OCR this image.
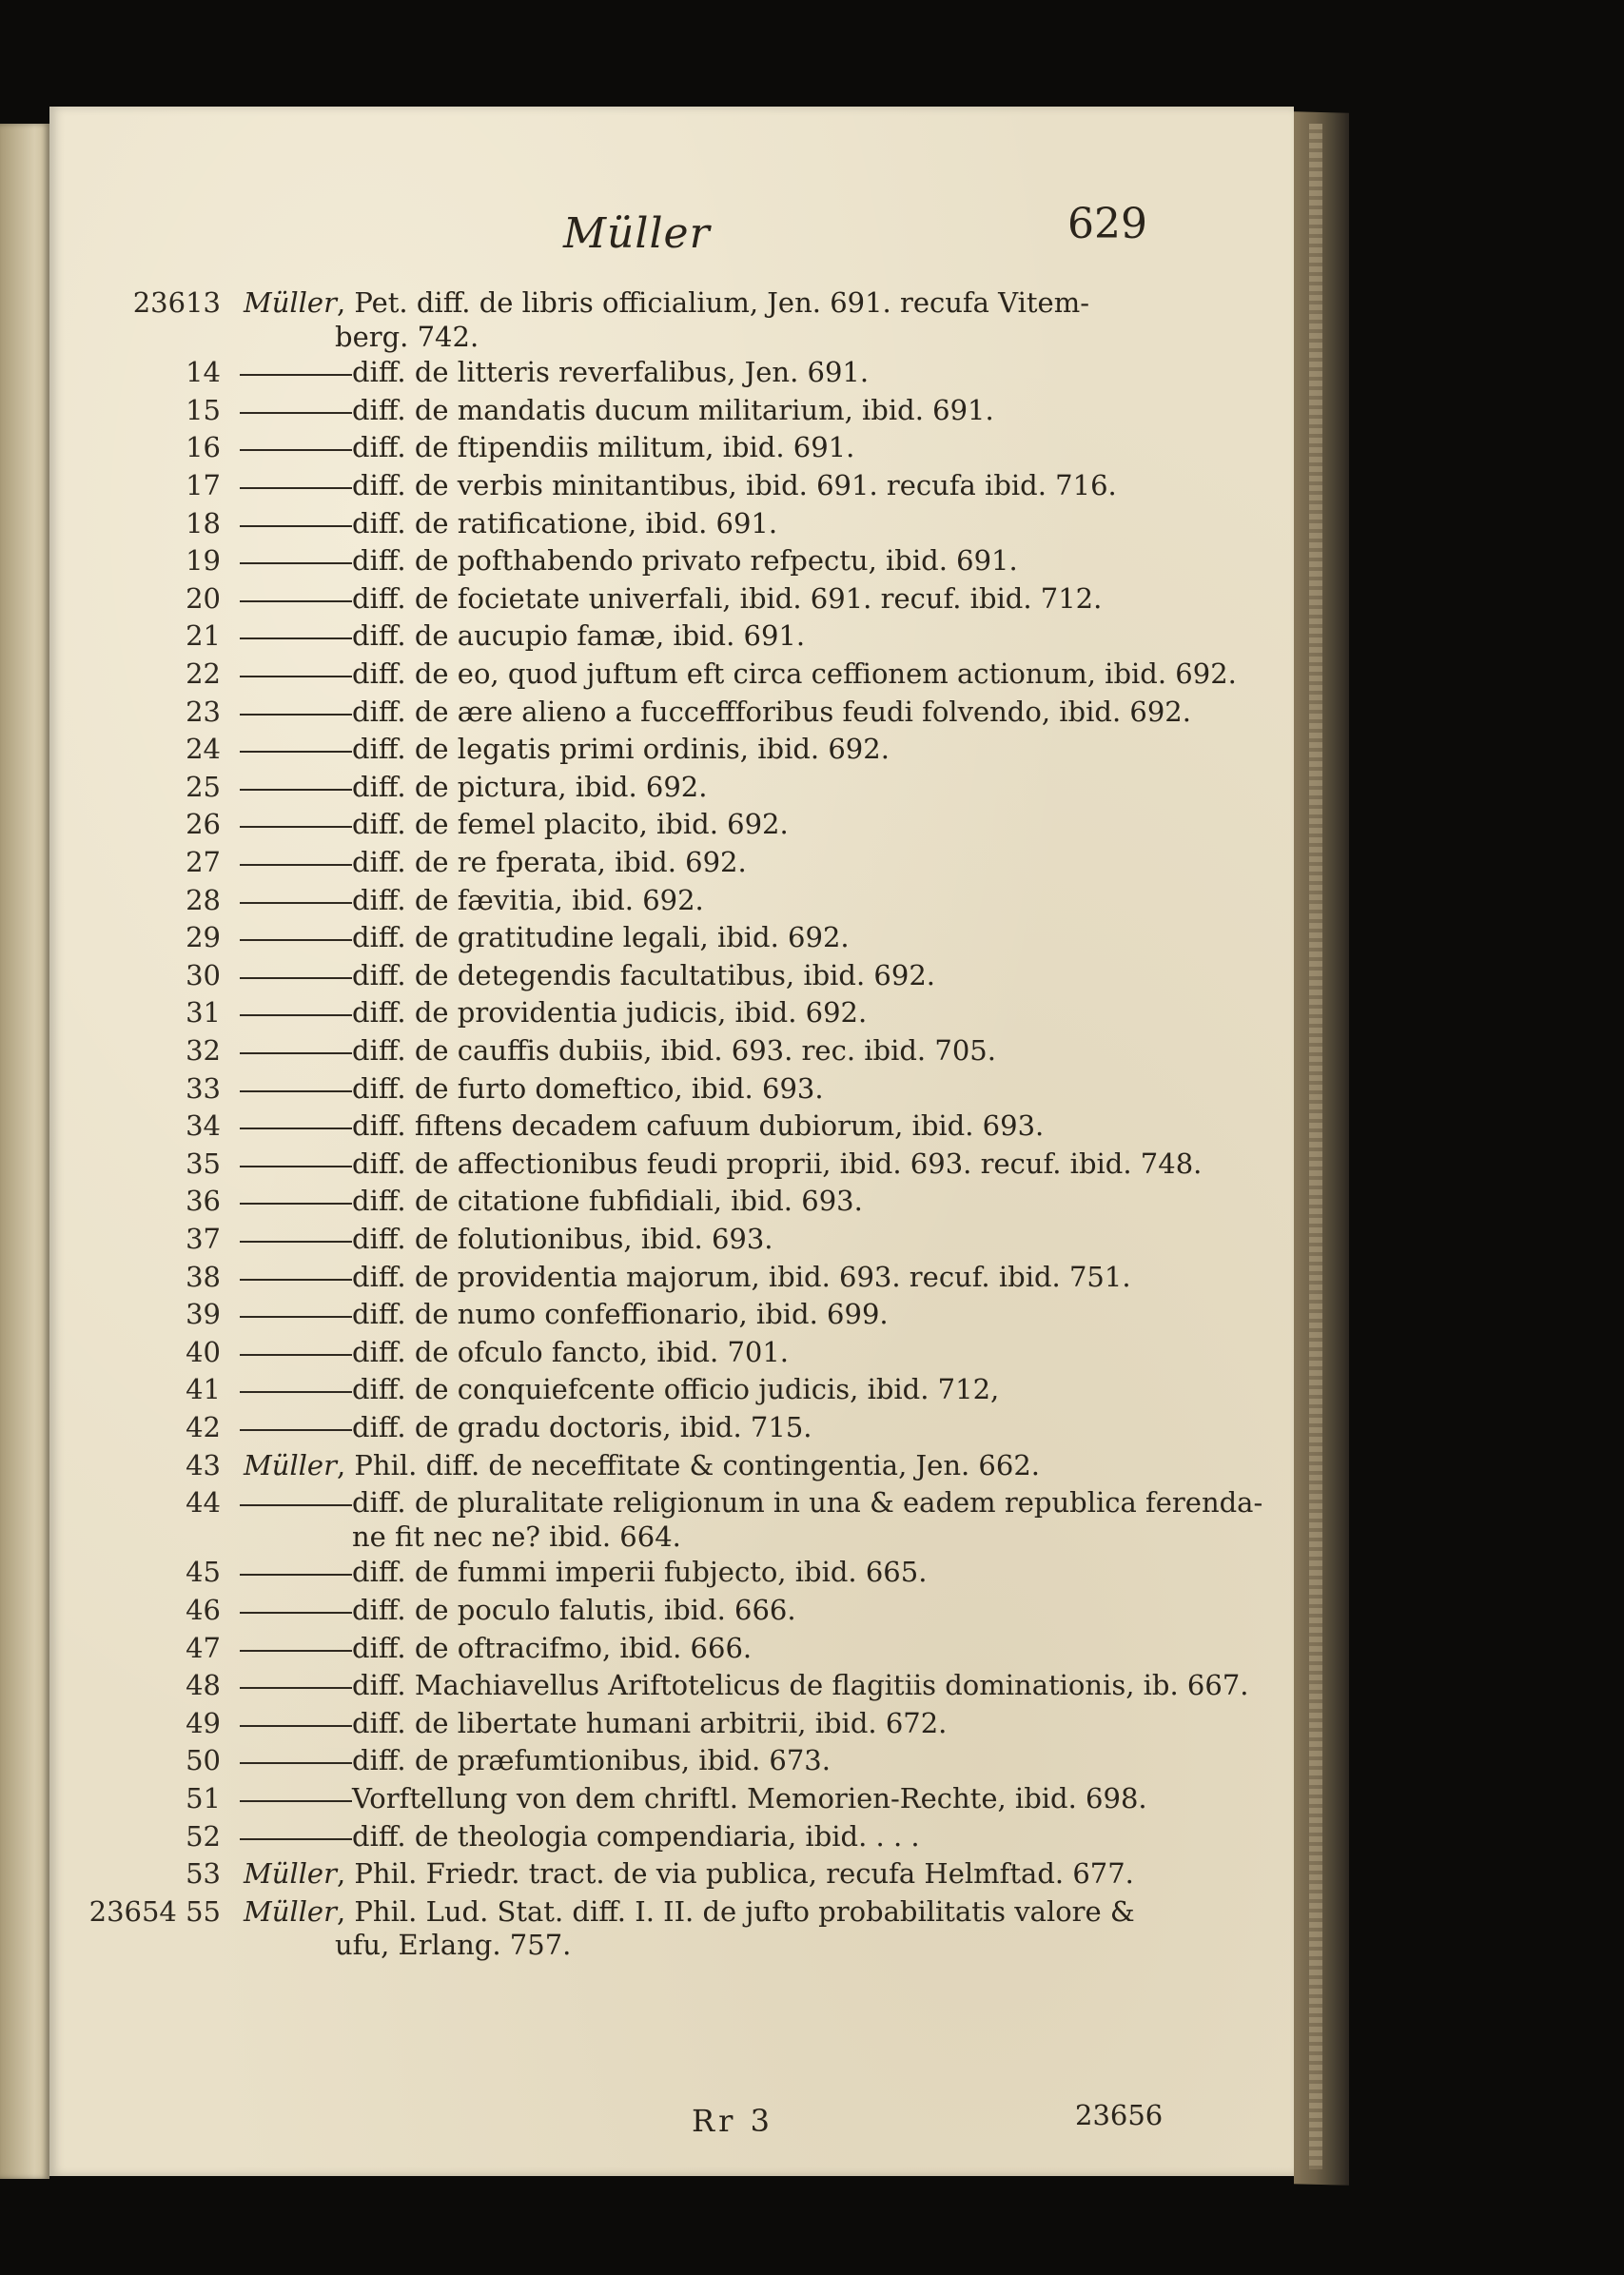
Müller	629
23613 Müller, Pet. diff. de libris officialium, Jen. 691. recufa Vitem-
berg. 742.
14	diff. de litteris reverfalibus, Jen. 691.
15	diff. de mandatis ducum militarium, ibid. 691.
16	diff. de ftipendiis militum, ibid. 691.
17	diff. de verbis minitantibus, ibid. 691. recufa ibid. 716.
18	diff. de ratificatione, ibid. 691.
19	diff. de pofthabendo privato refpectu, ibid. 691.
20	diff. de focietate univerfali, ibid. 691. recuf. ibid. 712.
21	diff. de aucupio famæ, ibid. 691.
22	diff. de eo, quod juftum eft circa ceffionem actionum, ibid. 692.
23	diff. de ære alieno a fucceffforibus feudi folvendo, ibid. 692.
24	diff. de legatis primi ordinis, ibid. 692.
25	diff. de pictura, ibid. 692.
26	diff. de femel placito, ibid. 692.
27	diff. de re fperata, ibid. 692.
28	diff. de fævitia, ibid. 692.
29	diff. de gratitudine legali, ibid. 692.
30	diff. de detegendis facultatibus, ibid. 692.
31	diff. de providentia judicis, ibid. 692.
32	diff. de cauffis dubiis, ibid. 693. rec. ibid. 705.
33	diff. de furto domeftico, ibid. 693.
34	diff. fiftens decadem cafuum dubiorum, ibid. 693.
35	diff. de affectionibus feudi proprii, ibid. 693. recuf. ibid. 748.
36	diff. de citatione fubfidiali, ibid. 693.
37	diff. de folutionibus, ibid. 693.
38	diff. de providentia majorum, ibid. 693. recuf. ibid. 751.
39	diff. de numo confeffionario, ibid. 699.
40	diff. de ofculo fancto, ibid. 701.
41	diff. de conquiefcente officio judicis, ibid. 712,
42	diff. de gradu doctoris, ibid. 715.
43 Müller, Phil. diff. de neceffitate & contingentia, Jen. 662.
44	diff. de pluralitate religionum in una & eadem republica ferenda-
ne fit nec ne? ibid. 664.
45	diff. de fummi imperii fubjecto, ibid. 665.
46	diff. de poculo falutis, ibid. 666.
47	diff. de oftracifmo, ibid. 666.
48	diff. Machiavellus Ariftotelicus de flagitiis dominationis, ib. 667.
49	diff. de libertate humani arbitrii, ibid. 672.
50	diff. de præfumtionibus, ibid. 673.
51	Vorftellung von dem chriftl. Memorien-Rechte, ibid. 698.
52	diff. de theologia compendiaria, ibid. . . .
53 Müller, Phil. Friedr. tract. de via publica, recufa Helmftad. 677.
23654 55 Müller, Phil. Lud. Stat. diff. I. II. de jufto probabilitatis valore &
ufu, Erlang. 757.
Rr 3	23656
